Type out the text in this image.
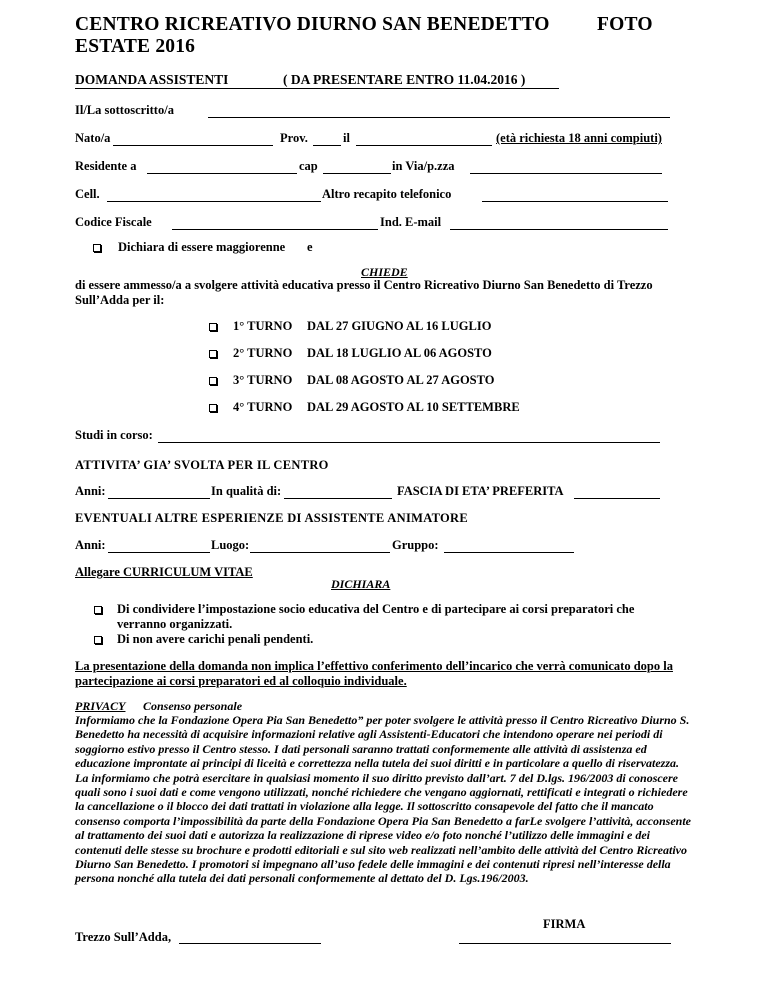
CENTRO RICREATIVO DIURNO SAN BENEDETTO
ESTATE 2016
FOTO
DOMANDA ASSISTENTI	( DA PRESENTARE ENTRO 11.04.2016 )
Il/La sottoscritto/a
Nato/a	Prov.	il	(età richiesta 18 anni compiuti)
Residente a	cap	in Via/p.zza
Cell.	Altro recapito telefonico
Codice Fiscale	Ind. E-mail
Dichiara di essere maggiorenne e
CHIEDE
di essere ammesso/a a svolgere attività educativa presso il Centro Ricreativo Diurno San Benedetto di Trezzo Sull’Adda per il:
1° TURNO DAL 27 GIUGNO AL 16 LUGLIO
2° TURNO DAL 18 LUGLIO AL 06 AGOSTO
3° TURNO DAL 08 AGOSTO AL 27 AGOSTO
4° TURNO DAL 29 AGOSTO AL 10 SETTEMBRE
Studi in corso:
ATTIVITA’ GIA’ SVOLTA PER IL CENTRO
Anni:	In qualità di:	FASCIA DI ETA’ PREFERITA
EVENTUALI ALTRE ESPERIENZE DI ASSISTENTE ANIMATORE
Anni:	Luogo:	Gruppo:
Allegare CURRICULUM VITAE
DICHIARA
Di condividere l’impostazione socio educativa del Centro e di partecipare ai corsi preparatori che
verranno organizzati.
Di non avere carichi penali pendenti.
La presentazione della domanda non implica l’effettivo conferimento dell’incarico che verrà comunicato dopo la
partecipazione ai corsi preparatori ed al colloquio individuale.
PRIVACY Consenso personale
Informiamo che la Fondazione Opera Pia San Benedetto” per poter svolgere le attività presso il Centro Ricreativo Diurno S. Benedetto ha necessità di acquisire informazioni relative agli Assistenti-Educatori che intendono operare nei periodi di soggiorno estivo presso il Centro stesso. I dati personali saranno trattati conformemente alle attività di assistenza ed educazione improntate ai principi di liceità e correttezza nella tutela dei suoi diritti e in particolare a quello di riservatezza. La informiamo che potrà esercitare in qualsiasi momento il suo diritto previsto dall’art. 7 del D.lgs. 196/2003 di conoscere quali sono i suoi dati e come vengono utilizzati, nonché richiedere che vengano aggiornati, rettificati e integrati o richiedere la cancellazione o il blocco dei dati trattati in violazione alla legge. Il sottoscritto consapevole del fatto che il mancato consenso comporta l’impossibilità da parte della Fondazione Opera Pia San Benedetto a farLe svolgere l’attività, acconsente al trattamento dei suoi dati e autorizza la realizzazione di riprese video e/o foto nonché l’utilizzo delle immagini e dei contenuti delle stesse su brochure e prodotti editoriali e sul sito web realizzati nell’ambito delle attività del Centro Ricreativo Diurno San Benedetto. I promotori si impegnano all’uso fedele delle immagini e dei contenuti ripresi nell’interesse della persona nonché alla tutela dei dati personali conformemente al dettato del D. Lgs.196/2003.
FIRMA
Trezzo Sull’Adda,
